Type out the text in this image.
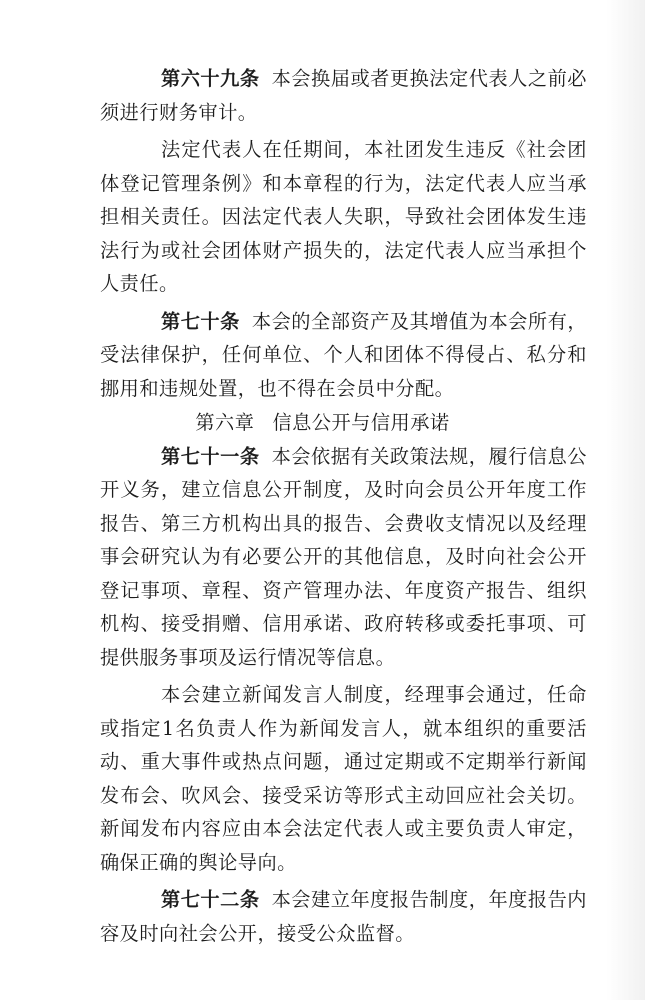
第六十九条 本会换届或者更换法定代表人之前必须进行财务审计。

法定代表人在任期间，本社团发生违反《社会团体登记管理条例》和本章程的行为，法定代表人应当承担相关责任。因法定代表人失职，导致社会团体发生违法行为或社会团体财产损失的，法定代表人应当承担个人责任。

第七十条 本会的全部资产及其增值为本会所有，受法律保护，任何单位、个人和团体不得侵占、私分和挪用和违规处置，也不得在会员中分配。

第六章 信息公开与信用承诺

第七十一条 本会依据有关政策法规，履行信息公开义务，建立信息公开制度，及时向会员公开年度工作报告、第三方机构出具的报告、会费收支情况以及经理事会研究认为有必要公开的其他信息，及时向社会公开登记事项、章程、资产管理办法、年度资产报告、组织机构、接受捐赠、信用承诺、政府转移或委托事项、可提供服务事项及运行情况等信息。

本会建立新闻发言人制度，经理事会通过，任命或指定1名负责人作为新闻发言人，就本组织的重要活动、重大事件或热点问题，通过定期或不定期举行新闻发布会、吹风会、接受采访等形式主动回应社会关切。新闻发布内容应由本会法定代表人或主要负责人审定，确保正确的舆论导向。

第七十二条 本会建立年度报告制度，年度报告内容及时向社会公开，接受公众监督。
